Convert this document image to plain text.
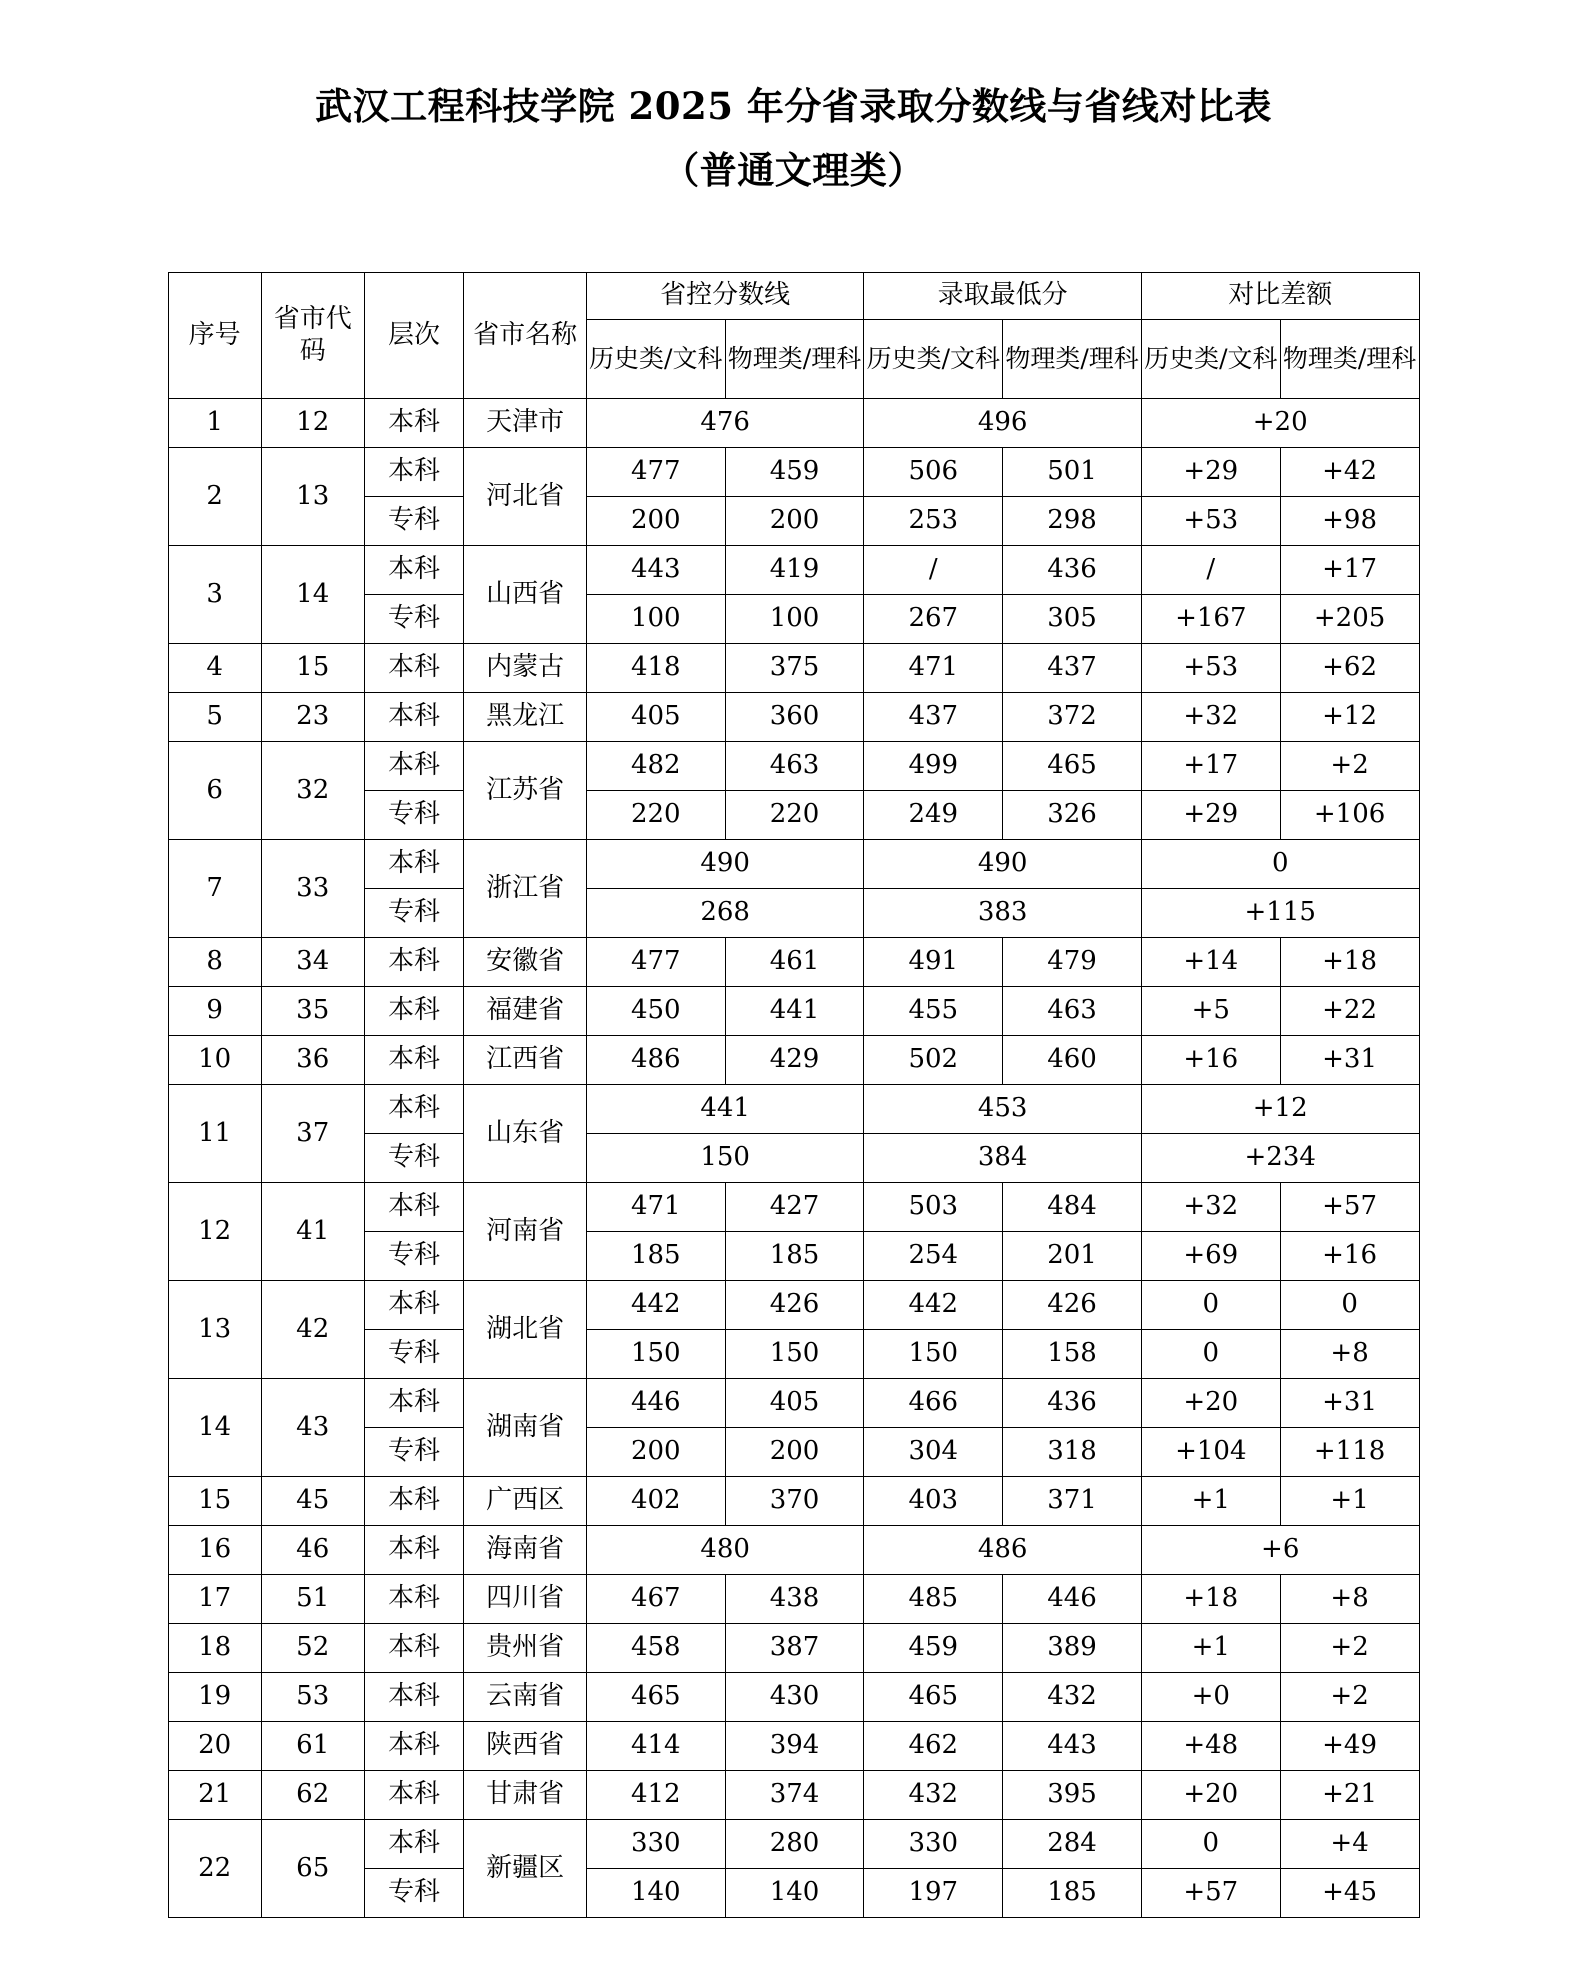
武汉工程科技学院 2025 年分省录取分数线与省线对比表
（普通文理类）
序号	省市代码	层次	省市名称	省控分数线		录取最低分		对比差额	
				历史类/文科	物理类/理科	历史类/文科	物理类/理科	历史类/文科	物理类/理科
1	12	本科	天津市	476		496		+20	
2	13	本科	河北省	477	459	506	501	+29	+42
		专科		200	200	253	298	+53	+98
3	14	本科	山西省	443	419	/	436	/	+17
		专科		100	100	267	305	+167	+205
4	15	本科	内蒙古	418	375	471	437	+53	+62
5	23	本科	黑龙江	405	360	437	372	+32	+12
6	32	本科	江苏省	482	463	499	465	+17	+2
		专科		220	220	249	326	+29	+106
7	33	本科	浙江省	490		490		0	
		专科		268		383		+115	
8	34	本科	安徽省	477	461	491	479	+14	+18
9	35	本科	福建省	450	441	455	463	+5	+22
10	36	本科	江西省	486	429	502	460	+16	+31
11	37	本科	山东省	441		453		+12	
		专科		150		384		+234	
12	41	本科	河南省	471	427	503	484	+32	+57
		专科		185	185	254	201	+69	+16
13	42	本科	湖北省	442	426	442	426	0	0
		专科		150	150	150	158	0	+8
14	43	本科	湖南省	446	405	466	436	+20	+31
		专科		200	200	304	318	+104	+118
15	45	本科	广西区	402	370	403	371	+1	+1
16	46	本科	海南省	480		486		+6	
17	51	本科	四川省	467	438	485	446	+18	+8
18	52	本科	贵州省	458	387	459	389	+1	+2
19	53	本科	云南省	465	430	465	432	+0	+2
20	61	本科	陕西省	414	394	462	443	+48	+49
21	62	本科	甘肃省	412	374	432	395	+20	+21
22	65	本科	新疆区	330	280	330	284	0	+4
		专科		140	140	197	185	+57	+45
